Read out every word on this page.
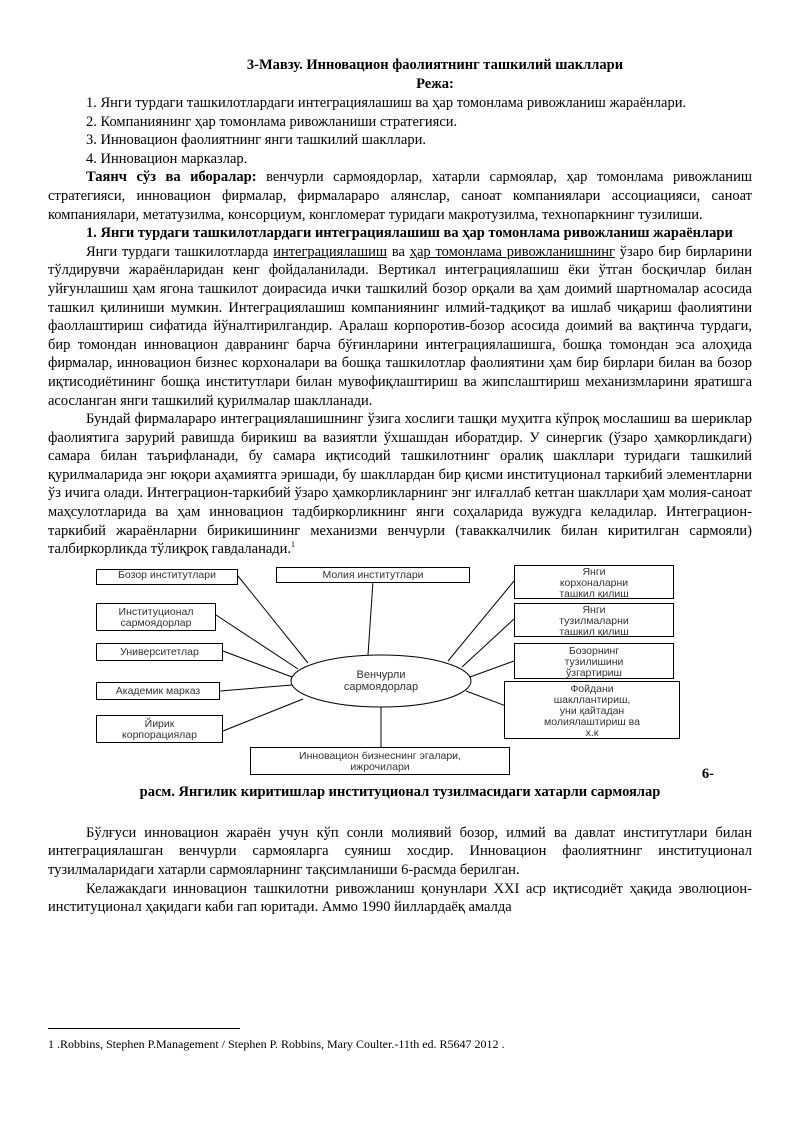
3-Мавзу. Инновацион фаолиятнинг ташкилий шакллари
Режа:

1. Янги турдаги ташкилотлардаги интеграциялашиш ва ҳар томонлама ривожланиш жараёнлари.

2. Компаниянинг ҳар томонлама ривожланиши стратегияси.

3. Инновацион фаолиятнинг янги ташкилий шакллари.

4. Инновацион марказлар.

Таянч сўз ва иборалар: венчурли сармоядорлар, хатарли сармоялар, ҳар томонлама ривожланиш стратегияси, инновацион фирмалар, фирмалараро алянслар, саноат компаниялари ассоциацияси, саноат компаниялари, метатузилма, консорциум, конгломерат туридаги макротузилма, технопаркнинг тузилиши.

1. Янги турдаги ташкилотлардаги интеграциялашиш ва ҳар томонлама ривожланиш жараёнлари

Янги турдаги ташкилотларда интеграциялашиш ва ҳар томонлама ривожланишнинг ўзаро бир бирларини тўлдирувчи жараёнларидан кенг фойдаланилади. Вертикал интеграциялашиш ёки ўтган босқичлар билан уйғунлашиш ҳам ягона ташкилот доирасида ички ташкилий бозор орқали ва ҳам доимий шартномалар асосида ташкил қилиниши мумкин. Интеграциялашиш компаниянинг илмий-тадқиқот ва ишлаб чиқариш фаолиятини фаоллаштириш сифатида йўналтирилгандир. Аралаш корпоротив-бозор асосида доимий ва вақтинча турдаги, бир томондан инновацион давранинг барча бўғинларини интеграциялашишга, бошқа томондан эса алоҳида фирмалар, инновацион бизнес корхоналари ва бошқа ташкилотлар фаолиятини ҳам бир бирлари билан ва бозор иқтисодиётининг бошқа институтлари билан мувофиқлаштириш ва жипслаштириш механизмларини яратишга асосланган янги ташкилий қурилмалар шаклланади.

Бундай фирмалараро интеграциялашишнинг ўзига хослиги ташқи муҳитга кўпроқ мослашиш ва шериклар фаолиятига зарурий равишда бирикиш ва вазиятли ўхшашдан иборатдир. У синергик (ўзаро ҳамкорликдаги) самара билан таърифланади, бу самара иқтисодий ташкилотнинг оралиқ шакллари туридаги ташкилий қурилмаларида энг юқори аҳамиятга эришади, бу шакллардан бир қисми институционал таркибий элементларни ўз ичига олади. Интеграцион-таркибий ўзаро ҳамкорликларнинг энг илғаллаб кетган шакллари ҳам молия-саноат маҳсулотларида ва ҳам инновацион тадбиркорликнинг янги соҳаларида вужудга келадилар. Интеграцион-таркибий жараёнларни бирикишининг механизми венчурли (таваккалчилик билан киритилган сармояли) талбиркорликда тўлиқроқ гавдаланади.$^1$

Бозор институтлари
Институционал
сармоядорлар
Университетлар
Академик марказ
Йирик
корпорациялар
Молия институтлари
Инновацион бизнеснинг эгалари,
ижрочилари
Янги
корхоналарни
ташкил қилиш
Янги
тузилмаларни
ташкил қилиш
Бозорнинг
тузилишини
ўзгартириш
Фойдани
шакллантириш,
уни қайтадан
молиялаштириш ва
х.к
Венчурли
сармоядорлар
6-
расм. Янгилик киритишлар институционал тузилмасидаги хатарли сармоялар

Бўлғуси инновацион жараён учун кўп сонли молиявий бозор, илмий ва давлат институтлари билан интеграциялашган венчурли сармояларга суяниш хосдир. Инновацион фаолиятнинг институционал тузилмаларидаги хатарли сармояларнинг тақсимланиши 6-расмда берилган.

Келажакдаги инновацион ташкилотни ривожланиш қонунлари XXI аср иқтисодиёт ҳақида эволюцион-институционал ҳақидаги каби гап юритади. Аммо 1990 йиллардаёқ амалда

1 .Robbins, Stephen P.Management / Stephen P. Robbins, Mary Coulter.-11th ed. R5647 2012 .
